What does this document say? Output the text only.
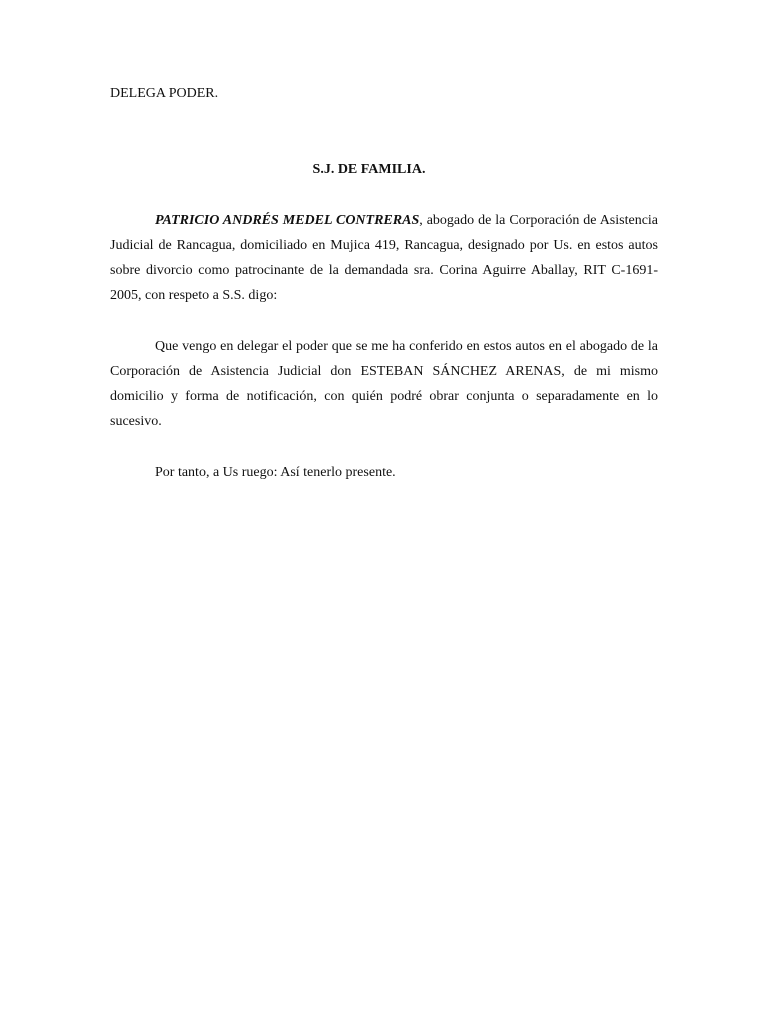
DELEGA PODER.
S.J. DE FAMILIA.

PATRICIO ANDRÉS MEDEL CONTRERAS, abogado de la Corporación de Asistencia Judicial de Rancagua, domiciliado en Mujica 419, Rancagua, designado por Us. en estos autos sobre divorcio como patrocinante de la demandada sra. Corina Aguirre Aballay, RIT C-1691-2005, con respeto a S.S. digo:

Que vengo en delegar el poder que se me ha conferido en estos autos en el abogado de la Corporación de Asistencia Judicial don ESTEBAN SÁNCHEZ ARENAS, de mi mismo domicilio y forma de notificación, con quién podré obrar conjunta o separadamente en lo sucesivo.

Por tanto, a Us ruego: Así tenerlo presente.
